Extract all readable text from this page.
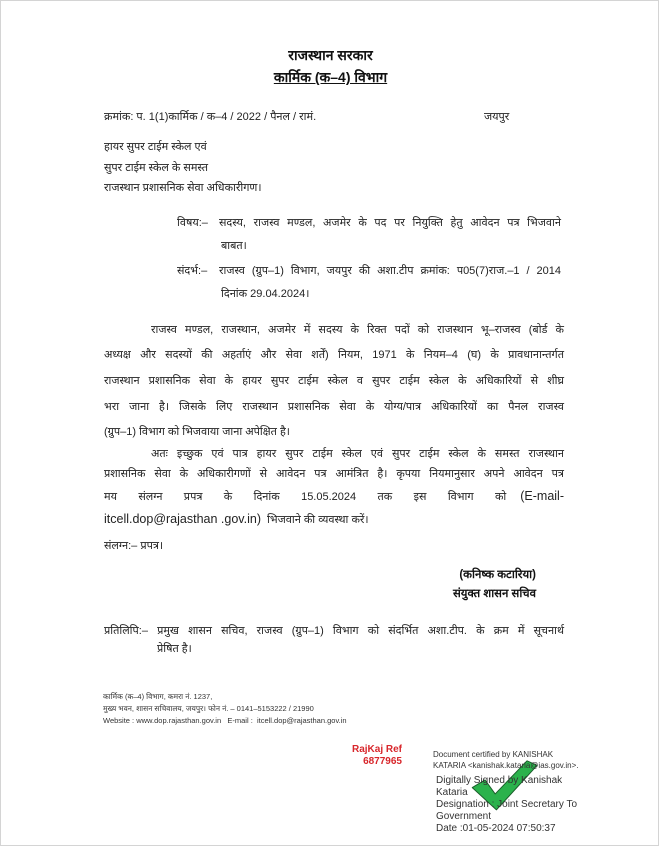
राजस्थान सरकार
कार्मिक (क–4) विभाग
क्रमांक: प. 1(1)कार्मिक / क–4 / 2022 / पैनल / रामं.	जयपुर
हायर सुपर टाईम स्केल एवं
सुपर टाईम स्केल के समस्त
राजस्थान प्रशासनिक सेवा अधिकारीगण।
विषय:– सदस्य, राजस्व मण्डल, अजमेर के पद पर नियुक्ति हेतु आवेदन पत्र भिजवाने
बाबत।
संदर्भ:– राजस्व (ग्रुप–1) विभाग, जयपुर की अशा.टीप क्रमांक: प05(7)राज.–1 / 2014
दिनांक 29.04.2024।
राजस्व मण्डल, राजस्थान, अजमेर में सदस्य के रिक्त पदों को राजस्थान भू–राजस्व (बोर्ड के
अध्यक्ष और सदस्यों की अहर्ताएं और सेवा शर्तें) नियम, 1971 के नियम–4 (घ) के प्रावधानान्तर्गत
राजस्थान प्रशासनिक सेवा के हायर सुपर टाईम स्केल व सुपर टाईम स्केल के अधिकारियों से शीघ्र
भरा जाना है। जिसके लिए राजस्थान प्रशासनिक सेवा के योग्य/पात्र अधिकारियों का पैनल राजस्व
(ग्रुप–1) विभाग को भिजवाया जाना अपेक्षित है।
अतः इच्छुक एवं पात्र हायर सुपर टाईम स्केल एवं सुपर टाईम स्केल के समस्त राजस्थान
प्रशासनिक सेवा के अधिकारीगणों से आवेदन पत्र आमंत्रित है। कृपया नियमानुसार अपने आवेदन पत्र
मय संलग्न प्रपत्र के दिनांक 15.05.2024 तक इस विभाग को (E-mail-
itcell.dop@rajasthan .gov.in) भिजवाने की व्यवस्था करें।
संलग्न:– प्रपत्र।
(कनिष्क कटारिया)
संयुक्त शासन सचिव
प्रतिलिपि:– प्रमुख शासन सचिव, राजस्व (ग्रुप–1) विभाग को संदर्भित अशा.टीप. के क्रम में सूचनार्थ
प्रेषित है।
कार्मिक (क–4) विभाग, कमरा नं. 1237,
मुख्य भवन, शासन सचिवालय, जयपुर। फोन नं. – 0141–5153222 / 21990
Website : www.dop.rajasthan.gov.in   E-mail :  itcell.dop@rajasthan.gov.in
RajKaj Ref
6877965
Document certified by KANISHAK
KATARIA <kanishak.kataria@ias.gov.in>.
Digitally Signed by Kanishak
Kataria
Designation : Joint Secretary To
Government
Date :01-05-2024 07:50:37
